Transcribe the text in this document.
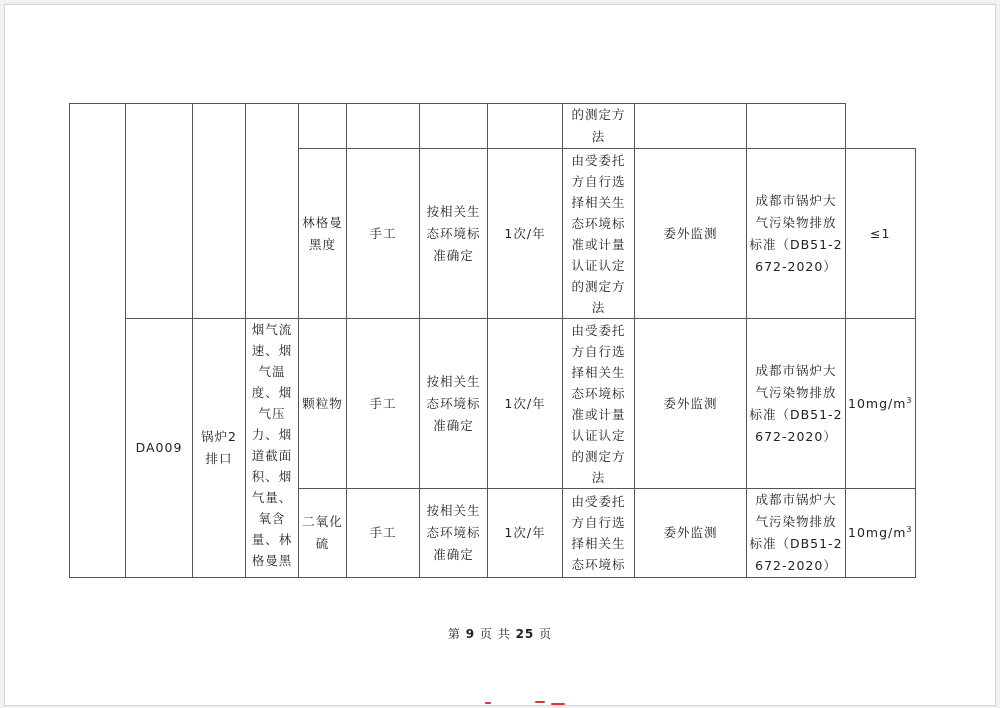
								的测定方法			
				林格曼黑度	手工	按相关生态环境标准确定	1次/年	由受委托方自行选择相关生态环境标准或计量认证认定的测定方法	委外监测	成都市锅炉大气污染物排放标准（DB51-2672-2020）	≤1
	DA009	锅炉2排口	烟气流速、烟气温度、烟气压力、烟道截面积、烟气量、氧含量、林格曼黑	颗粒物	手工	按相关生态环境标准确定	1次/年	由受委托方自行选择相关生态环境标准或计量认证认定的测定方法	委外监测	成都市锅炉大气污染物排放标准（DB51-2672-2020）	$10mg/m^3$
				二氧化硫	手工	按相关生态环境标准确定	1次/年	由受委托方自行选择相关生态环境标	委外监测	成都市锅炉大气污染物排放标准（DB51-2672-2020）	$10mg/m^3$
第 9 页 共 25 页
